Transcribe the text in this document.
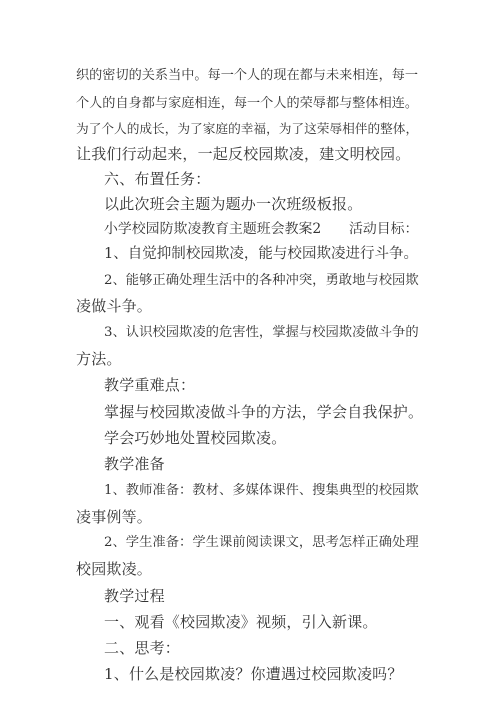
织的密切的关系当中。每一个人的现在都与未来相连，每一
个人的自身都与家庭相连，每一个人的荣辱都与整体相连。
为了个人的成长，为了家庭的幸福，为了这荣辱相伴的整体，
让我们行动起来，一起反校园欺凌，建文明校园。
六、布置任务：
以此次班会主题为题办一次班级板报。
小学校园防欺凌教育主题班会教案2　　活动目标：
1、自觉抑制校园欺凌，能与校园欺凌进行斗争。
2、能够正确处理生活中的各种冲突，勇敢地与校园欺
凌做斗争。
3、认识校园欺凌的危害性，掌握与校园欺凌做斗争的
方法。
教学重难点：
掌握与校园欺凌做斗争的方法，学会自我保护。
学会巧妙地处置校园欺凌。
教学准备
1、教师准备：教材、多媒体课件、搜集典型的校园欺
凌事例等。
2、学生准备：学生课前阅读课文，思考怎样正确处理
校园欺凌。
教学过程
一、观看《校园欺凌》视频，引入新课。
二、思考：
1、什么是校园欺凌？你遭遇过校园欺凌吗？
